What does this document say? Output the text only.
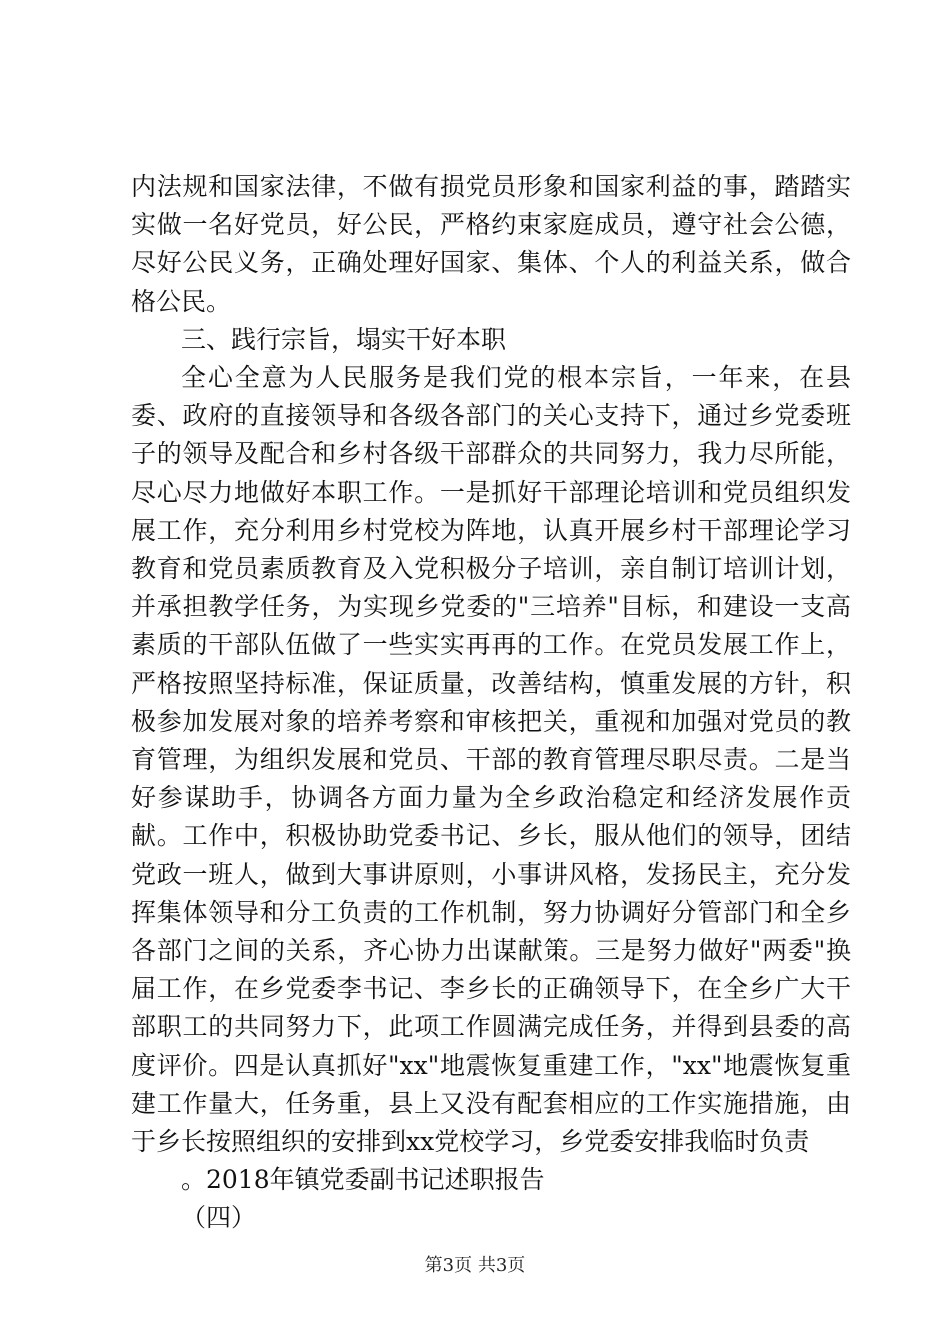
内法规和国家法律，不做有损党员形象和国家利益的事，踏踏实实做一名好党员，好公民，严格约束家庭成员，遵守社会公德，尽好公民义务，正确处理好国家、集体、个人的利益关系，做合格公民。

三、践行宗旨，塌实干好本职

全心全意为人民服务是我们党的根本宗旨，一年来，在县委、政府的直接领导和各级各部门的关心支持下，通过乡党委班子的领导及配合和乡村各级干部群众的共同努力，我力尽所能，尽心尽力地做好本职工作。一是抓好干部理论培训和党员组织发展工作，充分利用乡村党校为阵地，认真开展乡村干部理论学习教育和党员素质教育及入党积极分子培训，亲自制订培训计划，并承担教学任务，为实现乡党委的"三培养"目标，和建设一支高素质的干部队伍做了一些实实再再的工作。在党员发展工作上，严格按照坚持标准，保证质量，改善结构，慎重发展的方针，积极参加发展对象的培养考察和审核把关，重视和加强对党员的教育管理，为组织发展和党员、干部的教育管理尽职尽责。二是当好参谋助手，协调各方面力量为全乡政治稳定和经济发展作贡献。工作中，积极协助党委书记、乡长，服从他们的领导，团结党政一班人，做到大事讲原则，小事讲风格，发扬民主，充分发挥集体领导和分工负责的工作机制，努力协调好分管部门和全乡各部门之间的关系，齐心协力出谋献策。三是努力做好"两委"换届工作，在乡党委李书记、李乡长的正确领导下，在全乡广大干部职工的共同努力下，此项工作圆满完成任务，并得到县委的高度评价。四是认真抓好"xx"地震恢复重建工作，"xx"地震恢复重建工作量大，任务重，县上又没有配套相应的工作实施措施，由于乡长按照组织的安排到xx党校学习，乡党委安排我临时负责

。2018年镇党委副书记述职报告

（四）

第3页 共3页
